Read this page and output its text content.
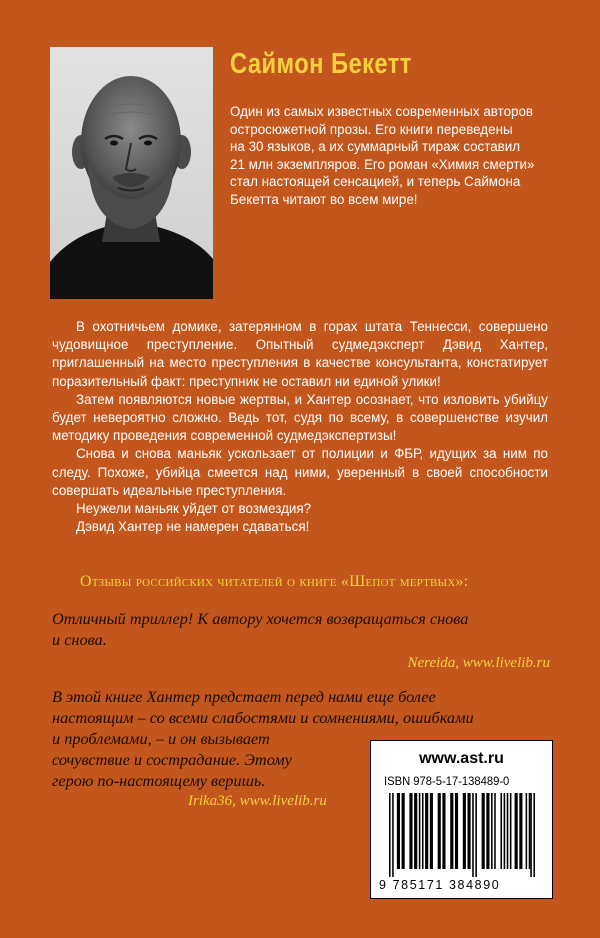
Саймон Бекетт

Один из самых известных современных авторов

остросюжетной прозы. Его книги переведены

на 30 языков, а их суммарный тираж составил

21 млн экземпляров. Его роман «Химия смерти»

стал настоящей сенсацией, и теперь Саймона

Бекетта читают во всем мире!

В охотничьем домике, затерянном в горах штата Теннесси, совершено чудовищное преступление. Опытный судмедэксперт Дэвид Хантер, приглашенный на место преступления в качестве консультанта, констатирует поразительный факт: преступник не оставил ни единой улики!

Затем появляются новые жертвы, и Хантер осознает, что изловить убийцу будет невероятно сложно. Ведь тот, судя по всему, в совершенстве изучил методику проведения современной судмедэкспертизы!

Снова и снова маньяк ускользает от полиции и ФБР, идущих за ним по следу. Похоже, убийца смеется над ними, уверенный в своей способности совершать идеальные преступления.

Неужели маньяк уйдет от возмездия?

Дэвид Хантер не намерен сдаваться!

Отзывы российских читателей о книге «Шепот мертвых»:
Отличный триллер! К автору хочется возвращаться снова
и снова.
Nereida, www.livelib.ru
В этой книге Хантер предстает перед нами еще более
настоящим – со всеми слабостями и сомнениями, ошибками
и проблемами, – и он вызывает
сочувствие и сострадание. Этому
герою по-настоящему веришь.
Irika36, www.livelib.ru
www.ast.ru
ISBN 978-5-17-138489-0
9 785171 384890
